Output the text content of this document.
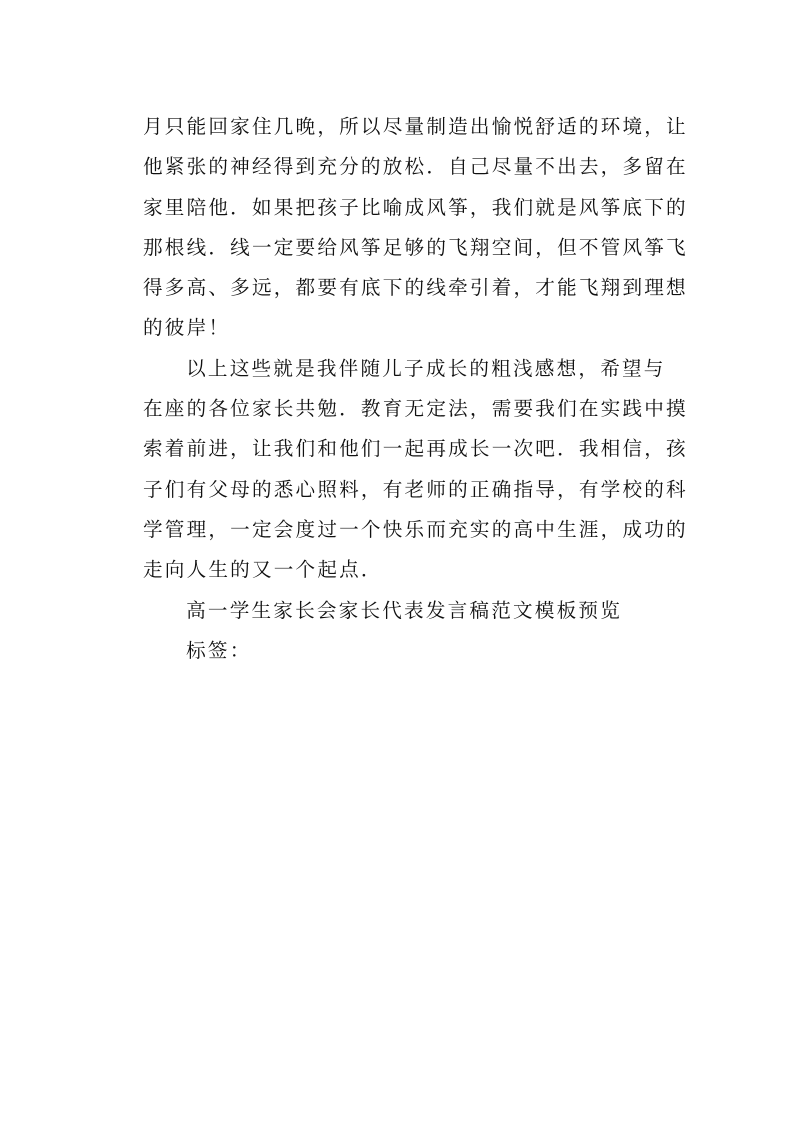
月只能回家住几晚，所以尽量制造出愉悦舒适的环境，让
他紧张的神经得到充分的放松．自己尽量不出去，多留在
家里陪他．如果把孩子比喻成风筝，我们就是风筝底下的
那根线．线一定要给风筝足够的飞翔空间，但不管风筝飞
得多高、多远，都要有底下的线牵引着，才能飞翔到理想
的彼岸！

以上这些就是我伴随儿子成长的粗浅感想，希望与
在座的各位家长共勉．教育无定法，需要我们在实践中摸
索着前进，让我们和他们一起再成长一次吧．我相信，孩
子们有父母的悉心照料，有老师的正确指导，有学校的科
学管理，一定会度过一个快乐而充实的高中生涯，成功的
走向人生的又一个起点．

高一学生家长会家长代表发言稿范文模板预览

标签：
